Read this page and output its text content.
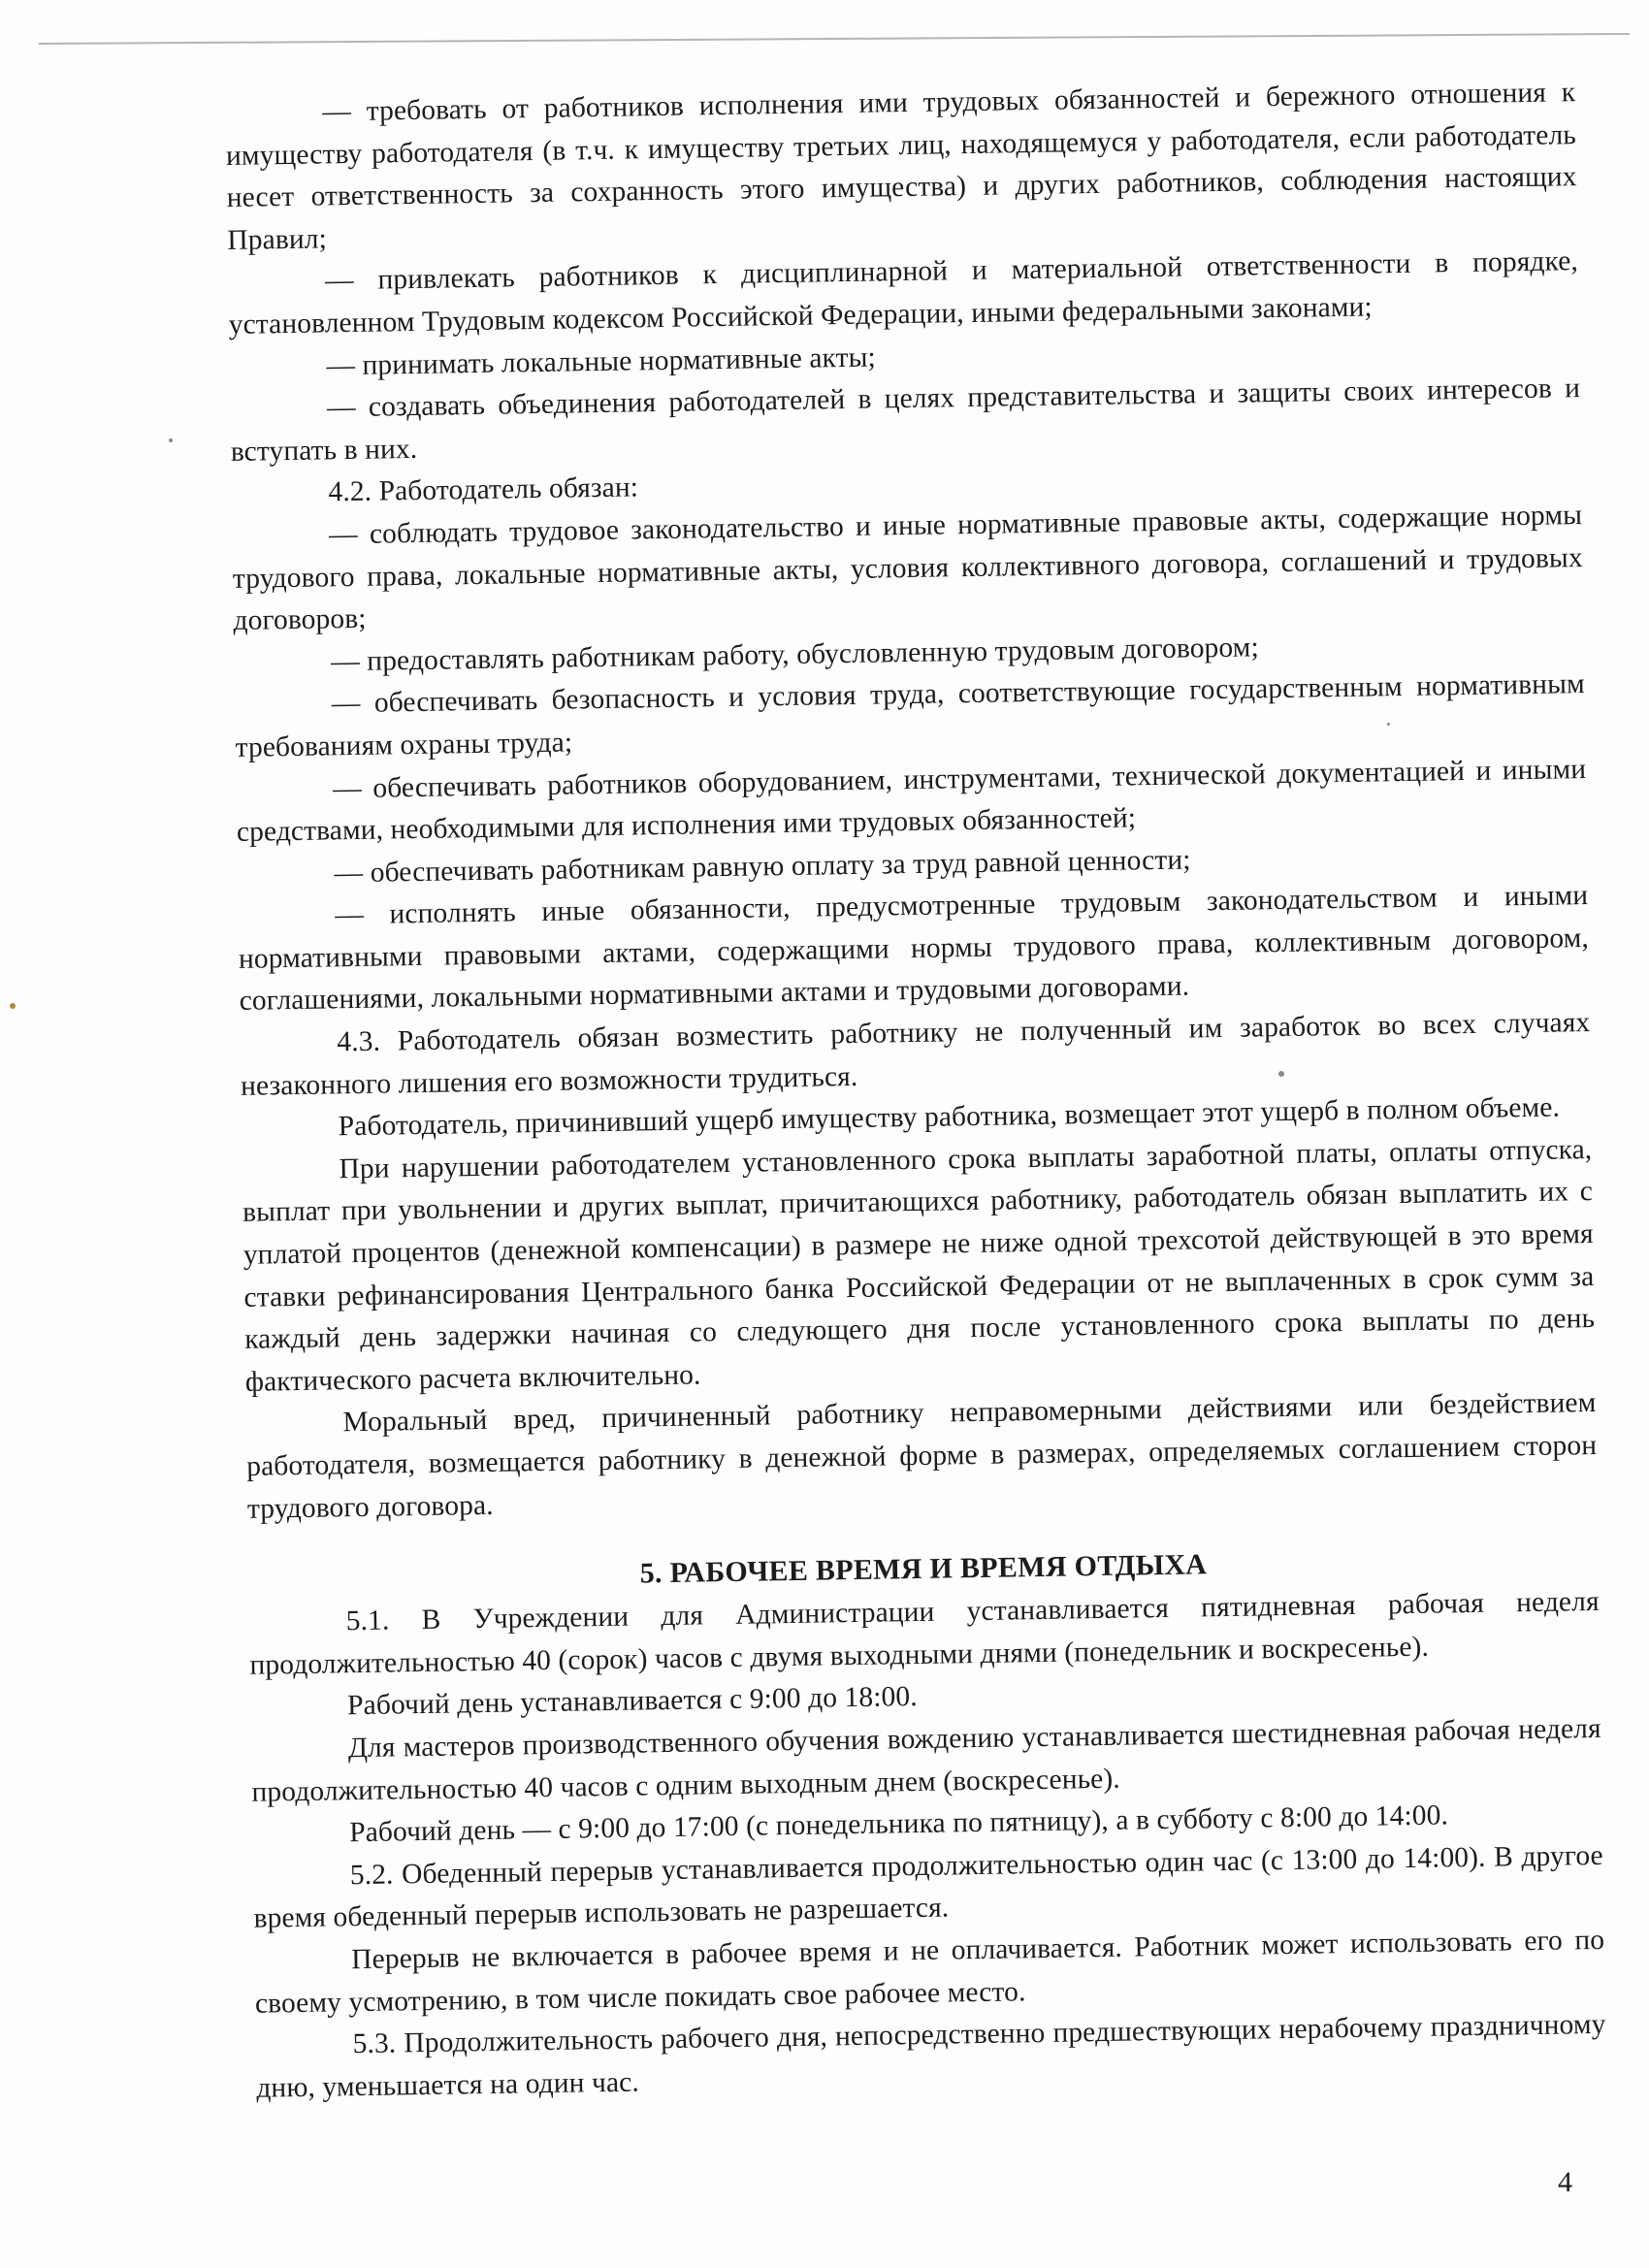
— требовать от работников исполнения ими трудовых обязанностей и бережного отношения к имуществу работодателя (в т.ч. к имуществу третьих лиц, находящемуся у работодателя, если работодатель несет ответственность за сохранность этого имущества) и других работников, соблюдения настоящих Правил;

— привлекать работников к дисциплинарной и материальной ответственности в порядке, установленном Трудовым кодексом Российской Федерации, иными федеральными законами;

— принимать локальные нормативные акты;

— создавать объединения работодателей в целях представительства и защиты своих интересов и вступать в них.

4.2. Работодатель обязан:

— соблюдать трудовое законодательство и иные нормативные правовые акты, содержащие нормы трудового права, локальные нормативные акты, условия коллективного договора, соглашений и трудовых договоров;

— предоставлять работникам работу, обусловленную трудовым договором;

— обеспечивать безопасность и условия труда, соответствующие государственным нормативным требованиям охраны труда;

— обеспечивать работников оборудованием, инструментами, технической документацией и иными средствами, необходимыми для исполнения ими трудовых обязанностей;

— обеспечивать работникам равную оплату за труд равной ценности;

— исполнять иные обязанности, предусмотренные трудовым законодательством и иными нормативными правовыми актами, содержащими нормы трудового права, коллективным договором, соглашениями, локальными нормативными актами и трудовыми договорами.

4.3. Работодатель обязан возместить работнику не полученный им заработок во всех случаях незаконного лишения его возможности трудиться.

Работодатель, причинивший ущерб имуществу работника, возмещает этот ущерб в полном объеме.

При нарушении работодателем установленного срока выплаты заработной платы, оплаты отпуска, выплат при увольнении и других выплат, причитающихся работнику, работодатель обязан выплатить их с уплатой процентов (денежной компенсации) в размере не ниже одной трехсотой действующей в это время ставки рефинансирования Центрального банка Российской Федерации от не выплаченных в срок сумм за каждый день задержки начиная со следующего дня после установленного срока выплаты по день фактического расчета включительно.

Моральный вред, причиненный работнику неправомерными действиями или бездействием работодателя, возмещается работнику в денежной форме в размерах, определяемых соглашением сторон трудового договора.

5. РАБОЧЕЕ ВРЕМЯ И ВРЕМЯ ОТДЫХА

5.1. В Учреждении для Администрации устанавливается пятидневная рабочая неделя продолжительностью 40 (сорок) часов с двумя выходными днями (понедельник и воскресенье).

Рабочий день устанавливается с 9:00 до 18:00.

Для мастеров производственного обучения вождению устанавливается шестидневная рабочая неделя продолжительностью 40 часов с одним выходным днем (воскресенье).

Рабочий день — с 9:00 до 17:00 (с понедельника по пятницу), а в субботу с 8:00 до 14:00.

5.2. Обеденный перерыв устанавливается продолжительностью один час (с 13:00 до 14:00). В другое время обеденный перерыв использовать не разрешается.

Перерыв не включается в рабочее время и не оплачивается. Работник может использовать его по своему усмотрению, в том числе покидать свое рабочее место.

5.3. Продолжительность рабочего дня, непосредственно предшествующих нерабочему праздничному дню, уменьшается на один час.

4
